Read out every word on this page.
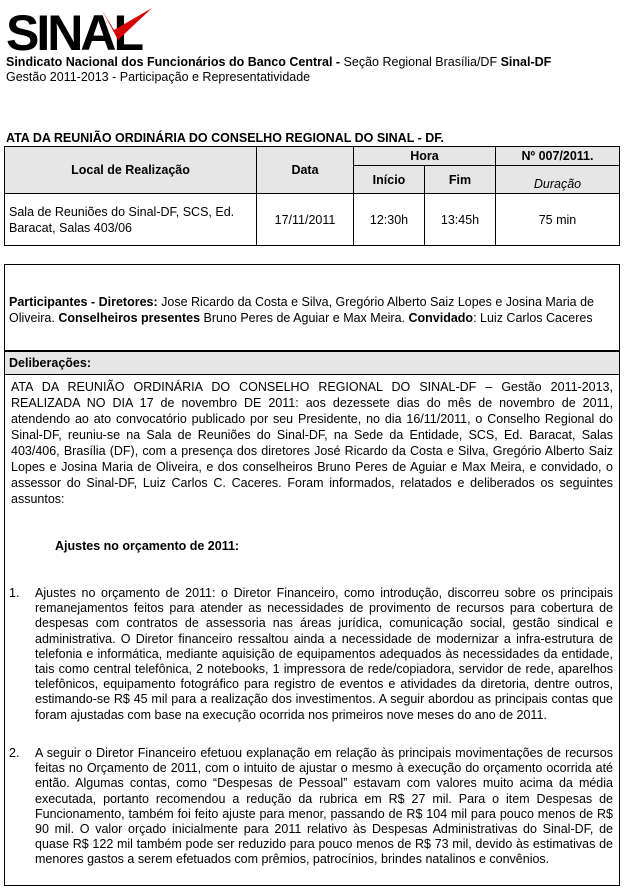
SINAL
Sindicato Nacional dos Funcionários do Banco Central - Seção Regional Brasília/DF Sinal-DF
Gestão 2011-2013 - Participação e Representatividade
ATA DA REUNIÃO ORDINÁRIA DO CONSELHO REGIONAL DO SINAL - DF.
Local de Realização	Data	Hora		Nº 007/2011.
		Início	Fim	Duração
Sala de Reuniões do Sinal-DF, SCS, Ed. Baracat, Salas 403/06	17/11/2011	12:30h	13:45h	75 min
Participantes - Diretores: Jose Ricardo da Costa e Silva, Gregório Alberto Saiz Lopes e Josina Maria de Oliveira. Conselheiros presentes Bruno Peres de Aguiar e Max Meira. Convidado: Luiz Carlos Caceres
Deliberações:
ATA DA REUNIÃO ORDINÁRIA DO CONSELHO REGIONAL DO SINAL-DF – Gestão 2011-2013, REALIZADA NO DIA 17 de novembro DE 2011: aos dezessete dias do mês de novembro de 2011, atendendo ao ato convocatório publicado por seu Presidente, no dia 16/11/2011, o Conselho Regional do Sinal-DF, reuniu-se na Sala de Reuniões do Sinal-DF, na Sede da Entidade, SCS, Ed. Baracat, Salas 403/406, Brasília (DF), com a presença dos diretores José Ricardo da Costa e Silva, Gregório Alberto Saiz Lopes e Josina Maria de Oliveira, e dos conselheiros Bruno Peres de Aguiar e Max Meira, e convidado, o assessor do Sinal-DF, Luiz Carlos C. Caceres. Foram informados, relatados e deliberados os seguintes assuntos:
Ajustes no orçamento de 2011:
1. Ajustes no orçamento de 2011: o Diretor Financeiro, como introdução, discorreu sobre os principais remanejamentos feitos para atender as necessidades de provimento de recursos para cobertura de despesas com contratos de assessoria nas áreas jurídica, comunicação social, gestão sindical e administrativa. O Diretor financeiro ressaltou ainda a necessidade de modernizar a infra-estrutura de telefonia e informática, mediante aquisição de equipamentos adequados às necessidades da entidade, tais como central telefônica, 2 notebooks, 1 impressora de rede/copiadora, servidor de rede, aparelhos telefônicos, equipamento fotográfico para registro de eventos e atividades da diretoria, dentre outros, estimando-se R$ 45 mil para a realização dos investimentos. A seguir abordou as principais contas que foram ajustadas com base na execução ocorrida nos primeiros nove meses do ano de 2011.
2. A seguir o Diretor Financeiro efetuou explanação em relação às principais movimentações de recursos feitas no Orçamento de 2011, com o intuito de ajustar o mesmo à execução do orçamento ocorrida até então. Algumas contas, como “Despesas de Pessoal” estavam com valores muito acima da média executada, portanto recomendou a redução da rubrica em R$ 27 mil. Para o item Despesas de Funcionamento, também foi feito ajuste para menor, passando de R$ 104 mil para pouco menos de R$ 90 mil. O valor orçado inicialmente para 2011 relativo às Despesas Administrativas do Sinal-DF, de quase R$ 122 mil também pode ser reduzido para pouco menos de R$ 73 mil, devido às estimativas de menores gastos a serem efetuados com prêmios, patrocínios, brindes natalinos e convênios.
